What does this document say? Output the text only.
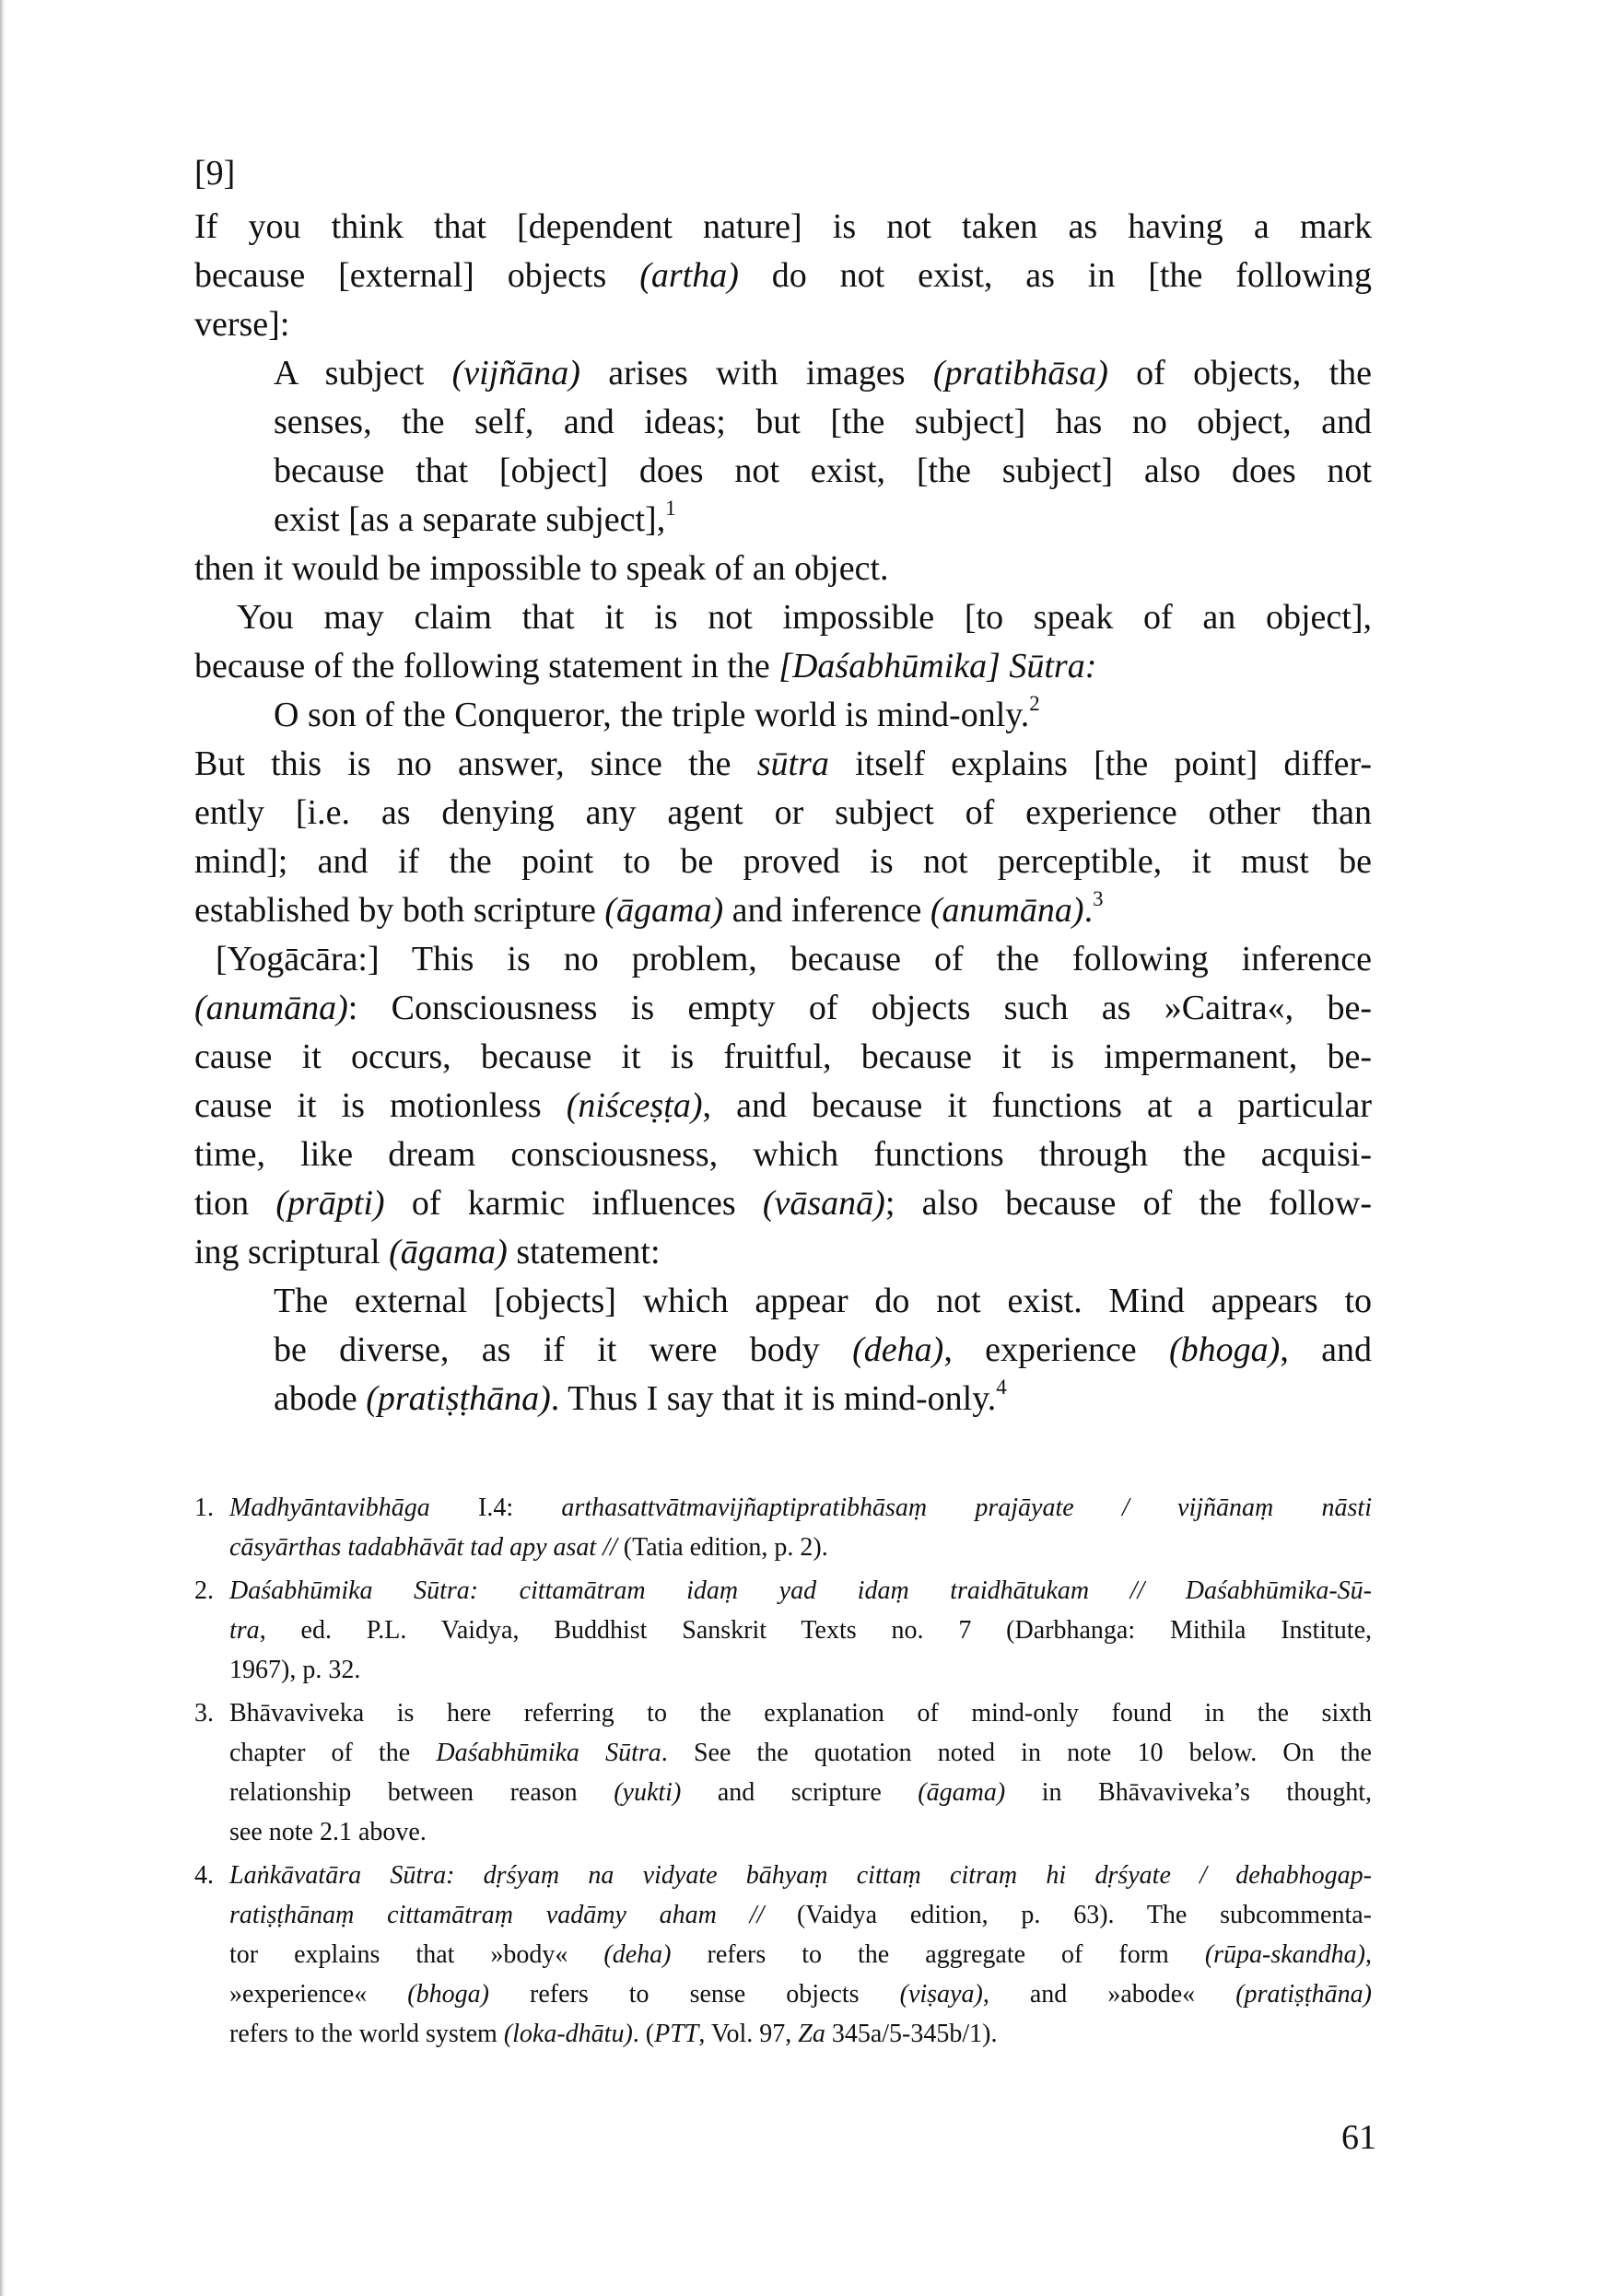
[9]
If you think that [dependent nature] is not taken as having a mark
because [external] objects (artha) do not exist, as in [the following
verse]:
A subject (vijñāna) arises with images (pratibhāsa) of objects, the
senses, the self, and ideas; but [the subject] has no object, and
because that [object] does not exist, [the subject] also does not
exist [as a separate subject],$^1$
then it would be impossible to speak of an object.
You may claim that it is not impossible [to speak of an object],
because of the following statement in the [Daśabhūmika] Sūtra:
O son of the Conqueror, the triple world is mind-only.$^2$
But this is no answer, since the sūtra itself explains [the point] differ-
ently [i.e. as denying any agent or subject of experience other than
mind]; and if the point to be proved is not perceptible, it must be
established by both scripture (āgama) and inference (anumāna).$^3$
[Yogācāra:] This is no problem, because of the following inference
(anumāna): Consciousness is empty of objects such as »Caitra«, be-
cause it occurs, because it is fruitful, because it is impermanent, be-
cause it is motionless (niśceṣṭa), and because it functions at a particular
time, like dream consciousness, which functions through the acquisi-
tion (prāpti) of karmic influences (vāsanā); also because of the follow-
ing scriptural (āgama) statement:
The external [objects] which appear do not exist. Mind appears to
be diverse, as if it were body (deha), experience (bhoga), and
abode (pratiṣṭhāna). Thus I say that it is mind-only.$^4$
1. Madhyāntavibhāga I.4: arthasattvātmavijñaptipratibhāsaṃ prajāyate / vijñānaṃ nāsti
cāsyārthas tadabhāvāt tad apy asat // (Tatia edition, p. 2).
2. Daśabhūmika Sūtra: cittamātram idaṃ yad idaṃ traidhātukam // Daśabhūmika-Sū-
tra, ed. P.L. Vaidya, Buddhist Sanskrit Texts no. 7 (Darbhanga: Mithila Institute,
1967), p. 32.
3. Bhāvaviveka is here referring to the explanation of mind-only found in the sixth
chapter of the Daśabhūmika Sūtra. See the quotation noted in note 10 below. On the
relationship between reason (yukti) and scripture (āgama) in Bhāvaviveka’s thought,
see note 2.1 above.
4. Laṅkāvatāra Sūtra: dṛśyaṃ na vidyate bāhyaṃ cittaṃ citraṃ hi dṛśyate / dehabhogap-
ratiṣṭhānaṃ cittamātraṃ vadāmy aham // (Vaidya edition, p. 63). The subcommenta-
tor explains that »body« (deha) refers to the aggregate of form (rūpa-skandha),
»experience« (bhoga) refers to sense objects (viṣaya), and »abode« (pratiṣṭhāna)
refers to the world system (loka-dhātu). (PTT, Vol. 97, Za 345a/5-345b/1).
61
